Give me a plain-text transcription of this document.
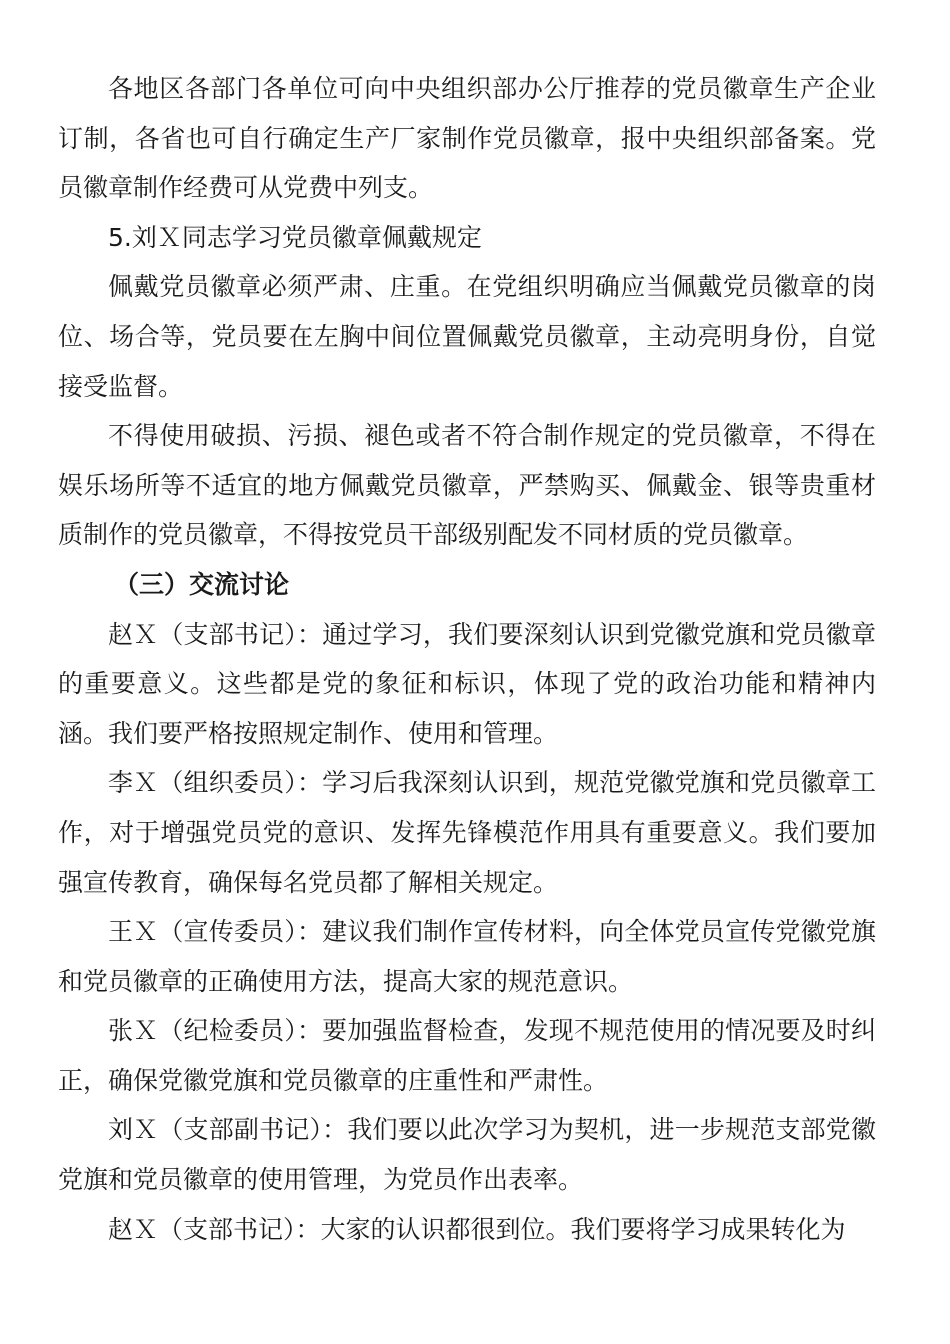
各地区各部门各单位可向中央组织部办公厅推荐的党员徽章生产企业订制，各省也可自行确定生产厂家制作党员徽章，报中央组织部备案。党员徽章制作经费可从党费中列支。

5.刘Ｘ同志学习党员徽章佩戴规定

佩戴党员徽章必须严肃、庄重。在党组织明确应当佩戴党员徽章的岗位、场合等，党员要在左胸中间位置佩戴党员徽章，主动亮明身份，自觉接受监督。

不得使用破损、污损、褪色或者不符合制作规定的党员徽章，不得在娱乐场所等不适宜的地方佩戴党员徽章，严禁购买、佩戴金、银等贵重材质制作的党员徽章，不得按党员干部级别配发不同材质的党员徽章。

（三）交流讨论

赵Ｘ（支部书记）：通过学习，我们要深刻认识到党徽党旗和党员徽章的重要意义。这些都是党的象征和标识，体现了党的政治功能和精神内涵。我们要严格按照规定制作、使用和管理。

李Ｘ（组织委员）：学习后我深刻认识到，规范党徽党旗和党员徽章工作，对于增强党员党的意识、发挥先锋模范作用具有重要意义。我们要加强宣传教育，确保每名党员都了解相关规定。

王Ｘ（宣传委员）：建议我们制作宣传材料，向全体党员宣传党徽党旗和党员徽章的正确使用方法，提高大家的规范意识。

张Ｘ（纪检委员）：要加强监督检查，发现不规范使用的情况要及时纠正，确保党徽党旗和党员徽章的庄重性和严肃性。

刘Ｘ（支部副书记）：我们要以此次学习为契机，进一步规范支部党徽党旗和党员徽章的使用管理，为党员作出表率。

赵Ｘ（支部书记）：大家的认识都很到位。我们要将学习成果转化为
